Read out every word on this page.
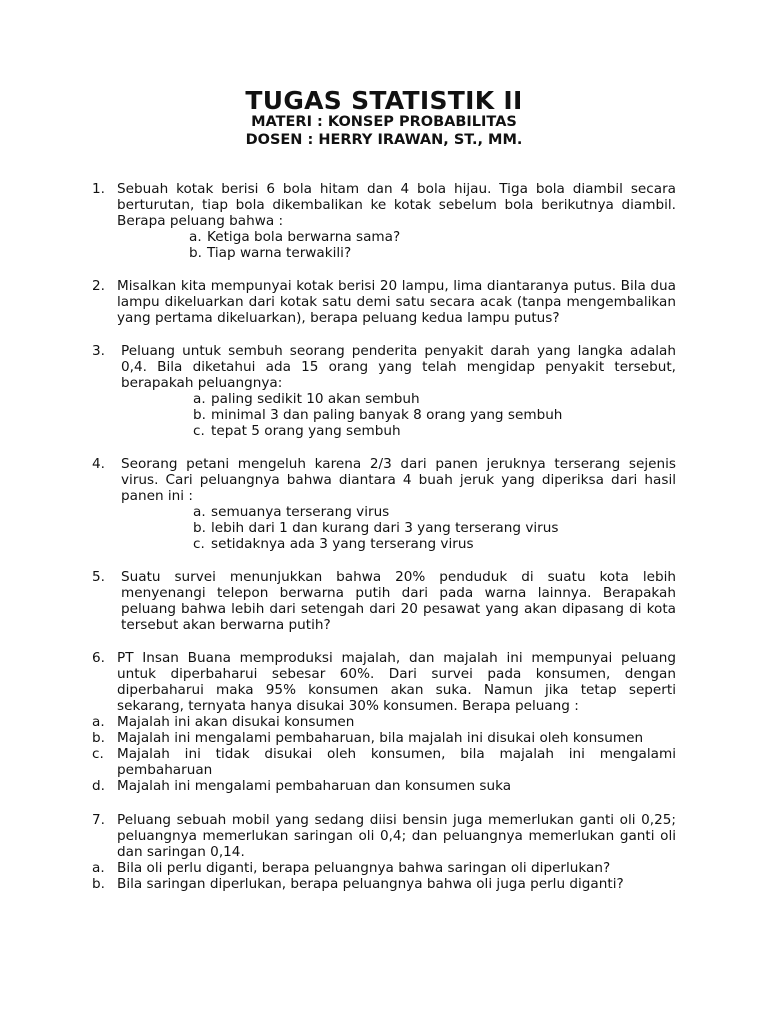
TUGAS STATISTIK II
MATERI : KONSEP PROBABILITAS
DOSEN : HERRY IRAWAN, ST., MM.
1. Sebuah kotak berisi 6 bola hitam dan 4 bola hijau. Tiga bola diambil secara berturutan, tiap bola dikembalikan ke kotak sebelum bola berikutnya diambil. Berapa peluang bahwa :
a. Ketiga bola berwarna sama?
b. Tiap warna terwakili?
2. Misalkan kita mempunyai kotak berisi 20 lampu, lima diantaranya putus. Bila dua lampu dikeluarkan dari kotak satu demi satu secara acak (tanpa mengembalikan yang pertama dikeluarkan), berapa peluang kedua lampu putus?
3. Peluang untuk sembuh seorang penderita penyakit darah yang langka adalah 0,4. Bila diketahui ada 15 orang yang telah mengidap penyakit tersebut, berapakah peluangnya:
a. paling sedikit 10 akan sembuh
b. minimal 3 dan paling banyak 8 orang yang sembuh
c. tepat 5 orang yang sembuh
4. Seorang petani mengeluh karena 2/3 dari panen jeruknya terserang sejenis virus. Cari peluangnya bahwa diantara 4 buah jeruk yang diperiksa dari hasil panen ini :
a. semuanya terserang virus
b. lebih dari 1 dan kurang dari 3 yang terserang virus
c. setidaknya ada 3 yang terserang virus
5. Suatu survei menunjukkan bahwa 20% penduduk di suatu kota lebih menyenangi telepon berwarna putih dari pada warna lainnya. Berapakah peluang bahwa lebih dari setengah dari 20 pesawat yang akan dipasang di kota tersebut akan berwarna putih?
6. PT Insan Buana memproduksi majalah, dan majalah ini mempunyai peluang untuk diperbaharui sebesar 60%. Dari survei pada konsumen, dengan diperbaharui maka 95% konsumen akan suka. Namun jika tetap seperti sekarang, ternyata hanya disukai 30% konsumen. Berapa peluang :
a. Majalah ini akan disukai konsumen
b. Majalah ini mengalami pembaharuan, bila majalah ini disukai oleh konsumen
c. Majalah ini tidak disukai oleh konsumen, bila majalah ini mengalami pembaharuan
d. Majalah ini mengalami pembaharuan dan konsumen suka
7. Peluang sebuah mobil yang sedang diisi bensin juga memerlukan ganti oli 0,25; peluangnya memerlukan saringan oli 0,4; dan peluangnya memerlukan ganti oli dan saringan 0,14.
a. Bila oli perlu diganti, berapa peluangnya bahwa saringan oli diperlukan?
b. Bila saringan diperlukan, berapa peluangnya bahwa oli juga perlu diganti?
